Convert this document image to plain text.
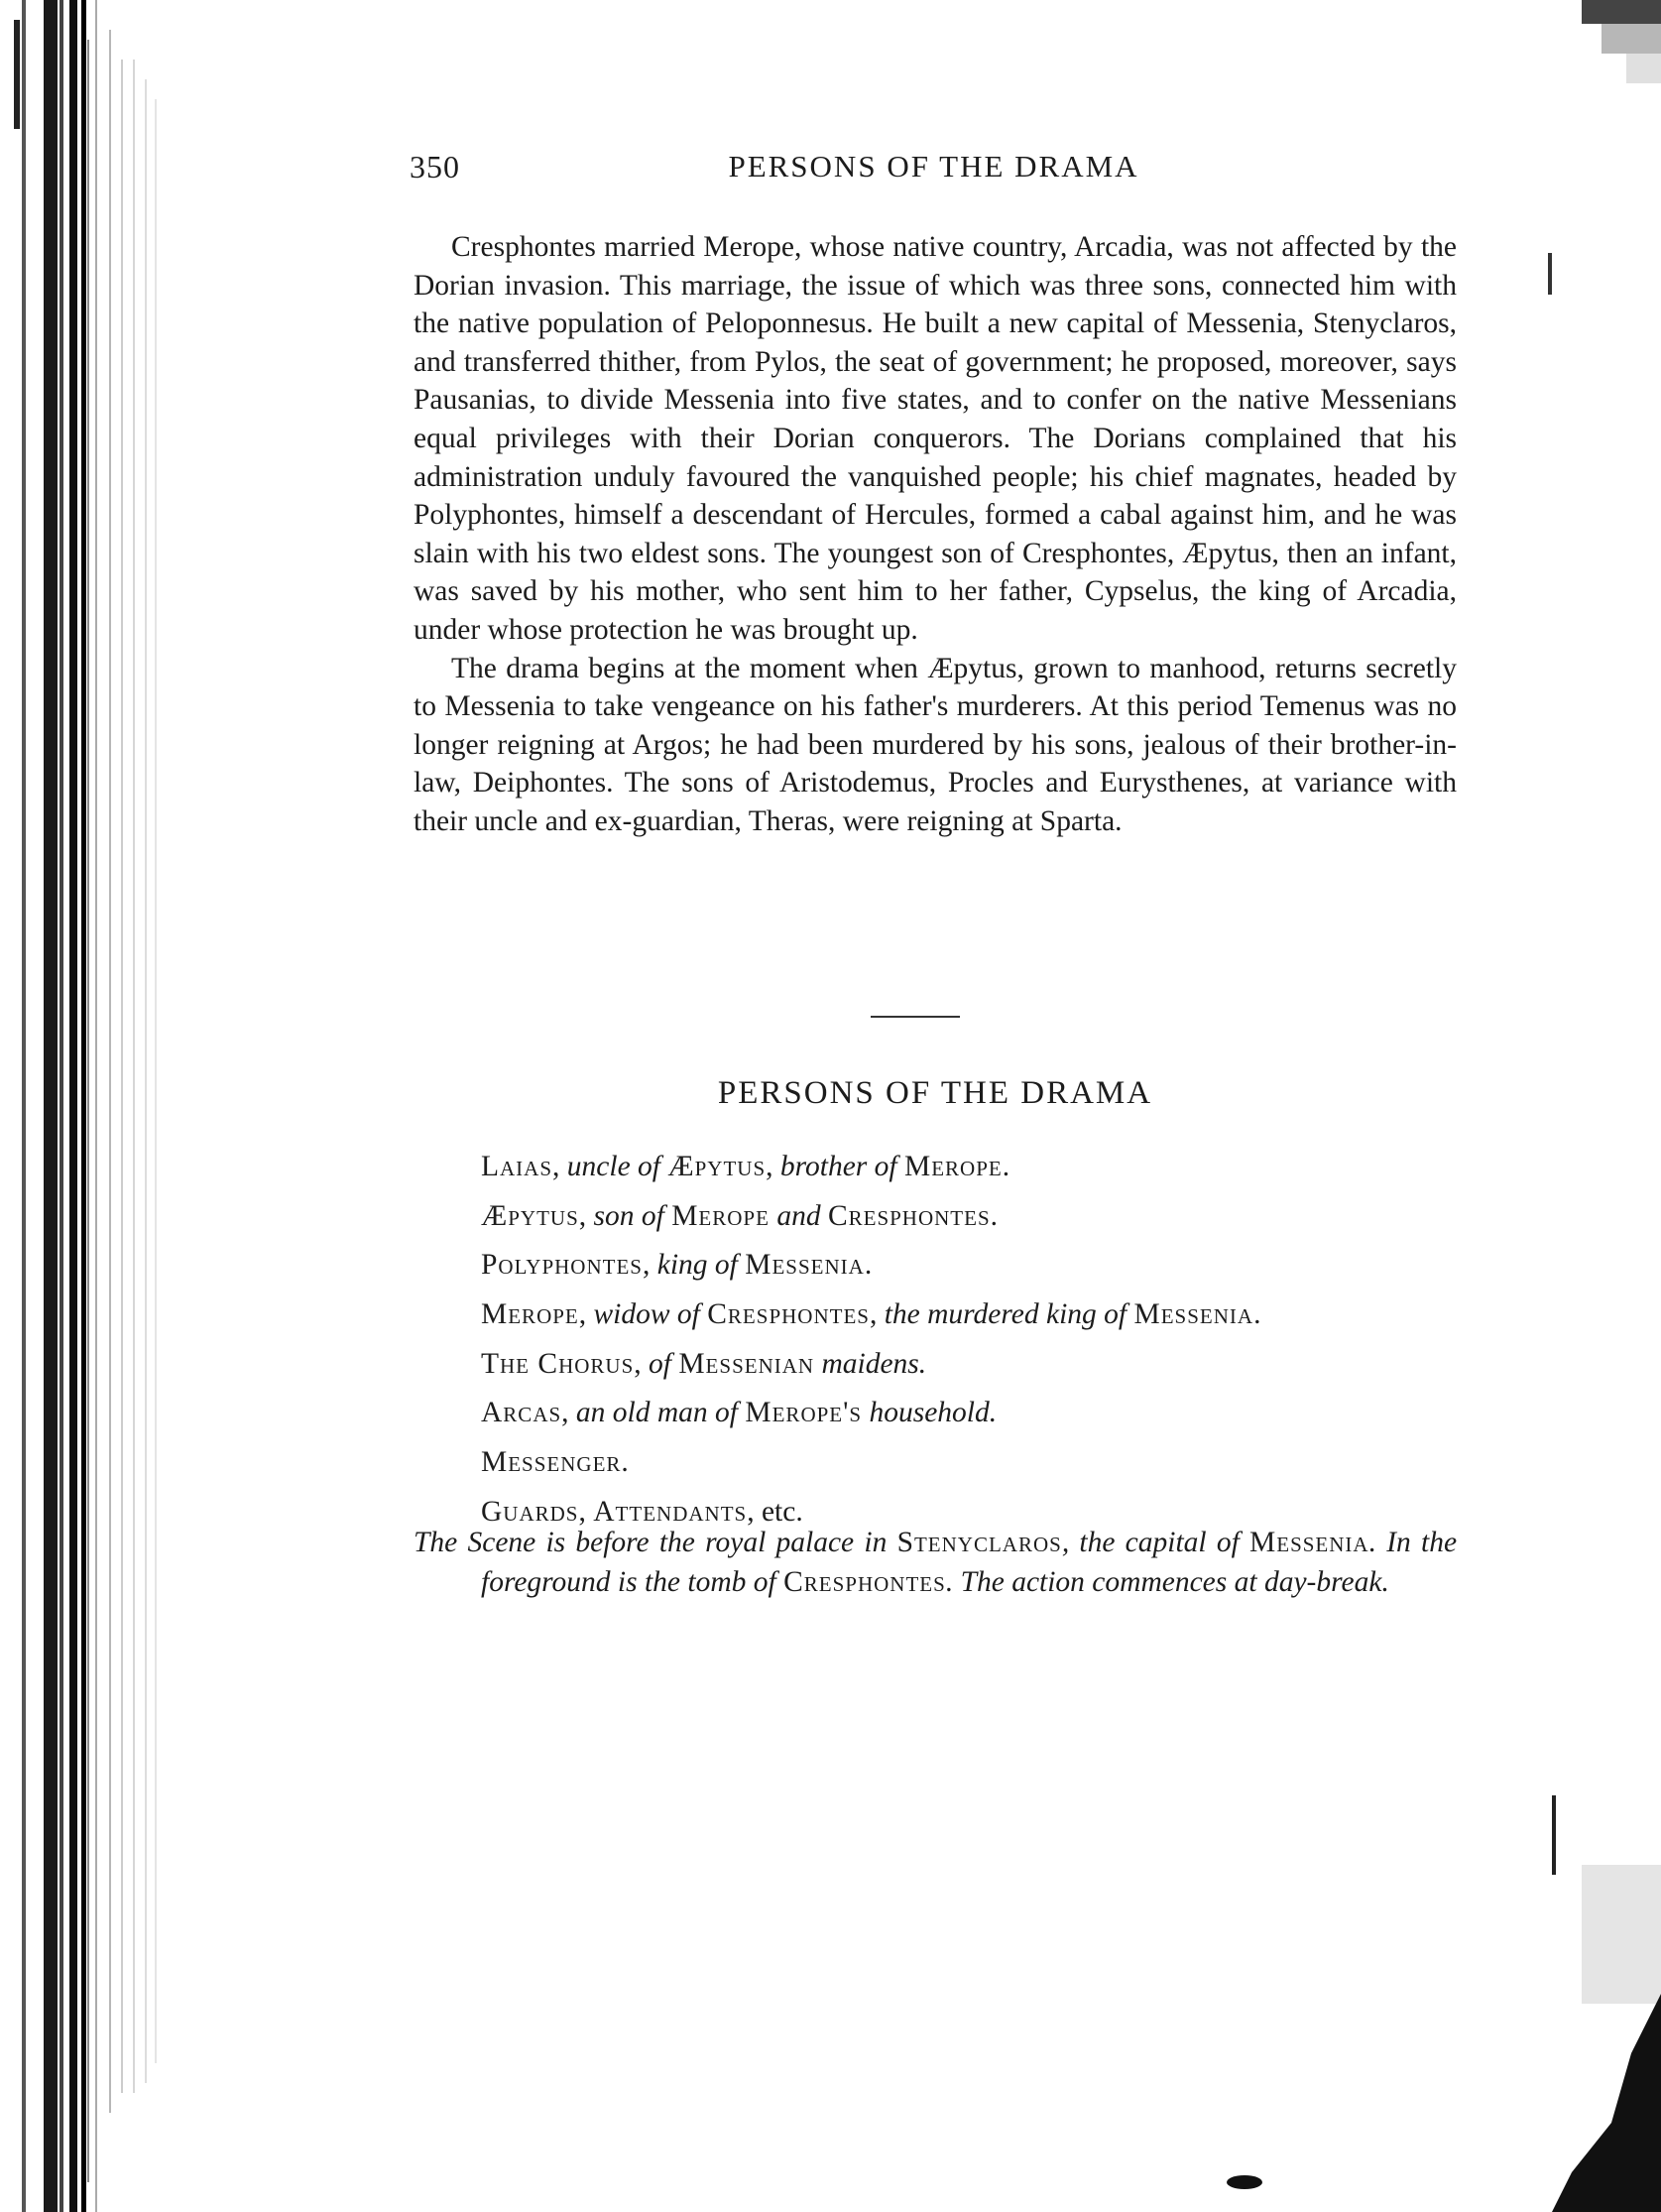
350	PERSONS OF THE DRAMA

Cresphontes married Merope, whose native country, Arcadia, was not affected by the Dorian invasion. This marriage, the issue of which was three sons, connected him with the native population of Peloponnesus. He built a new capital of Messenia, Stenyclaros, and transferred thither, from Pylos, the seat of government; he proposed, moreover, says Pausanias, to divide Messenia into five states, and to confer on the native Messenians equal privileges with their Dorian conquerors. The Dorians complained that his administration unduly favoured the vanquished people; his chief magnates, headed by Polyphontes, himself a descendant of Hercules, formed a cabal against him, and he was slain with his two eldest sons. The youngest son of Cresphontes, Æpytus, then an infant, was saved by his mother, who sent him to her father, Cypselus, the king of Arcadia, under whose protection he was brought up.

The drama begins at the moment when Æpytus, grown to manhood, returns secretly to Messenia to take vengeance on his father's murderers. At this period Temenus was no longer reigning at Argos; he had been murdered by his sons, jealous of their brother-in-law, Deiphontes. The sons of Aristodemus, Procles and Eurysthenes, at variance with their uncle and ex-guardian, Theras, were reigning at Sparta.

PERSONS OF THE DRAMA
Laias, uncle of Æpytus, brother of Merope.
Æpytus, son of Merope and Cresphontes.
Polyphontes, king of Messenia.
Merope, widow of Cresphontes, the murdered king of Messenia.
The Chorus, of Messenian maidens.
Arcas, an old man of Merope's household.
Messenger.
Guards, Attendants, etc.

The Scene is before the royal palace in Stenyclaros, the capital of Messenia. In the foreground is the tomb of Cresphontes. The action commences at day-break.
